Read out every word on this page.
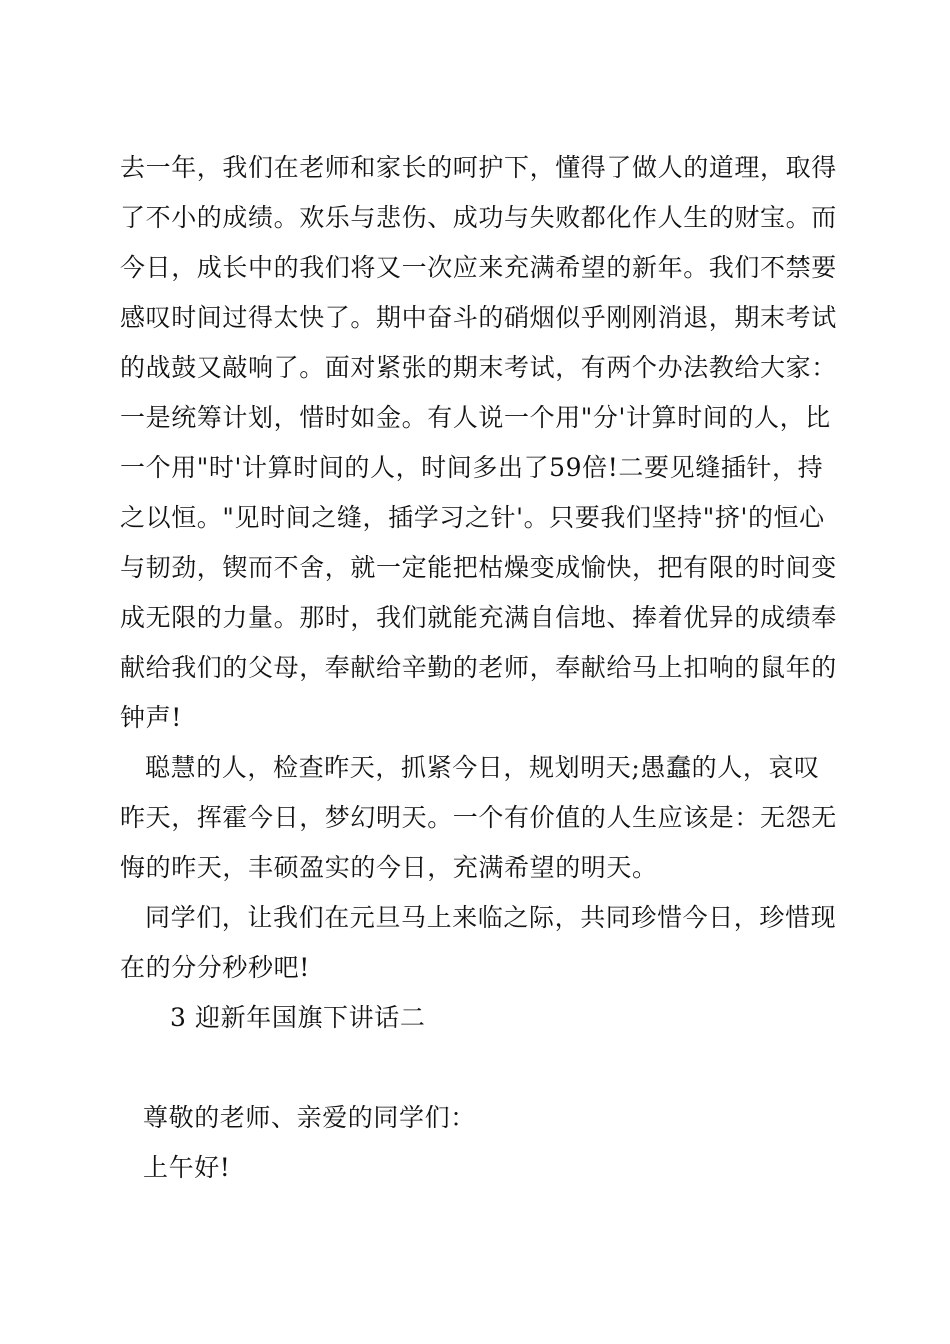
去一年，我们在老师和家长的呵护下，懂得了做人的道理，取得
了不小的成绩。欢乐与悲伤、成功与失败都化作人生的财宝。而
今日，成长中的我们将又一次应来充满希望的新年。我们不禁要
感叹时间过得太快了。期中奋斗的硝烟似乎刚刚消退，期末考试
的战鼓又敲响了。面对紧张的期末考试，有两个办法教给大家：
一是统筹计划，惜时如金。有人说一个用"分'计算时间的人，比
一个用"时'计算时间的人，时间多出了59倍!二要见缝插针，持
之以恒。"见时间之缝，插学习之针'。只要我们坚持"挤'的恒心
与韧劲，锲而不舍，就一定能把枯燥变成愉快，把有限的时间变
成无限的力量。那时，我们就能充满自信地、捧着优异的成绩奉
献给我们的父母，奉献给辛勤的老师，奉献给马上扣响的鼠年的
钟声!
聪慧的人，检查昨天，抓紧今日，规划明天;愚蠢的人，哀叹
昨天，挥霍今日，梦幻明天。一个有价值的人生应该是：无怨无
悔的昨天，丰硕盈实的今日，充满希望的明天。
同学们，让我们在元旦马上来临之际，共同珍惜今日，珍惜现
在的分分秒秒吧!
3 迎新年国旗下讲话二
尊敬的老师、亲爱的同学们：
上午好!
